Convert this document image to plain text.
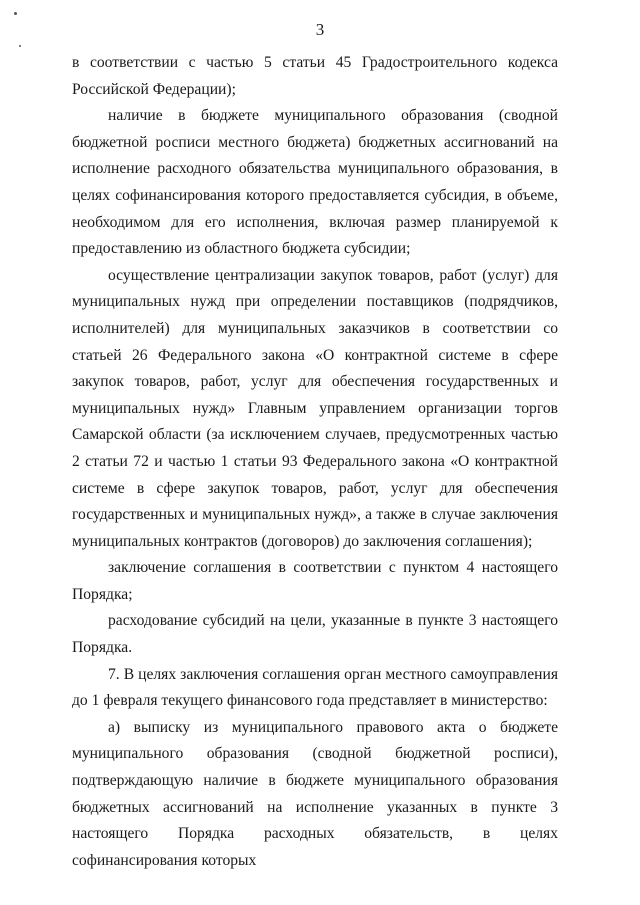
3

в соответствии с частью 5 статьи 45 Градостроительного кодекса Российской Федерации);

наличие в бюджете муниципального образования (сводной бюджетной росписи местного бюджета) бюджетных ассигнований на исполнение расходного обязательства муниципального образования, в целях софинансирования которого предоставляется субсидия, в объеме, необходимом для его исполнения, включая размер планируемой к предоставлению из областного бюджета субсидии;

осуществление централизации закупок товаров, работ (услуг) для муниципальных нужд при определении поставщиков (подрядчиков, исполнителей) для муниципальных заказчиков в соответствии со статьей 26 Федерального закона «О контрактной системе в сфере закупок товаров, работ, услуг для обеспечения государственных и муниципальных нужд» Главным управлением организации торгов Самарской области (за исключением случаев, предусмотренных частью 2 статьи 72 и частью 1 статьи 93 Федерального закона «О контрактной системе в сфере закупок товаров, работ, услуг для обеспечения государственных и муниципальных нужд», а также в случае заключения муниципальных контрактов (договоров) до заключения соглашения);

заключение соглашения в соответствии с пунктом 4 настоящего Порядка;

расходование субсидий на цели, указанные в пункте 3 настоящего Порядка.

7. В целях заключения соглашения орган местного самоуправления до 1 февраля текущего финансового года представляет в министерство:

а) выписку из муниципального правового акта о бюджете муниципального образования (сводной бюджетной росписи), подтверждающую наличие в бюджете муниципального образования бюджетных ассигнований на исполнение указанных в пункте 3 настоящего Порядка расходных обязательств, в целях софинансирования которых
